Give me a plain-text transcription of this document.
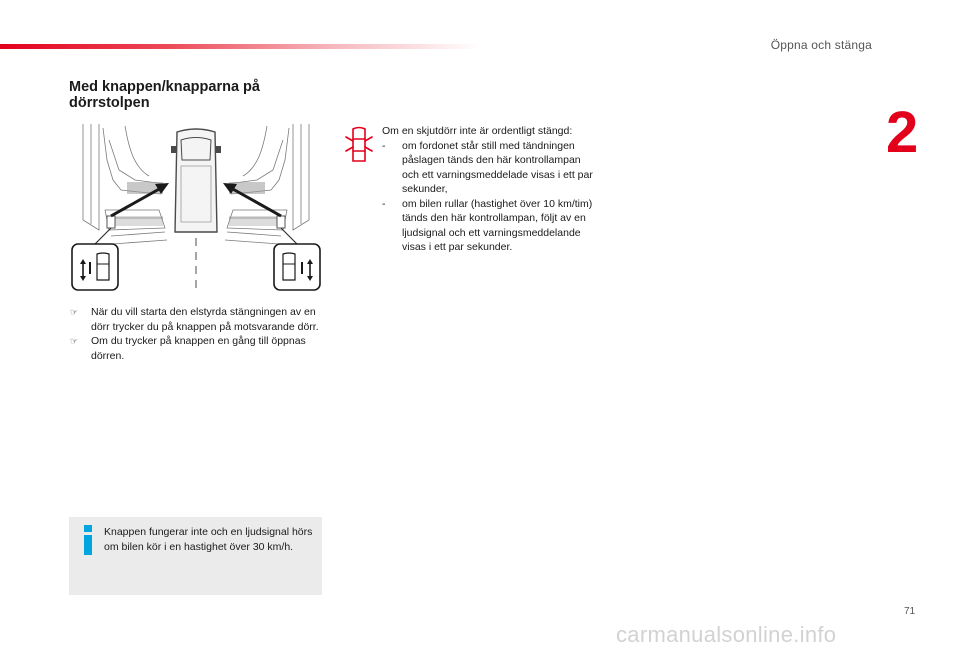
Öppna och stänga
2
Med knappen/knapparna på dörrstolpen
☞ När du vill starta den elstyrda stängningen av en dörr trycker du på knappen på motsvarande dörr.
☞ Om du trycker på knappen en gång till öppnas dörren.
Knappen fungerar inte och en ljudsignal hörs om bilen kör i en hastighet över 30 km/h.

Om en skjutdörr inte är ordentligt stängd:

- om fordonet står still med tändningen påslagen tänds den här kontrollampan och ett varningsmeddelade visas i ett par sekunder,
- om bilen rullar (hastighet över 10 km/tim) tänds den här kontrollampan, följt av en ljudsignal och ett varningsmeddelande visas i ett par sekunder.
71
carmanualsonline.info
